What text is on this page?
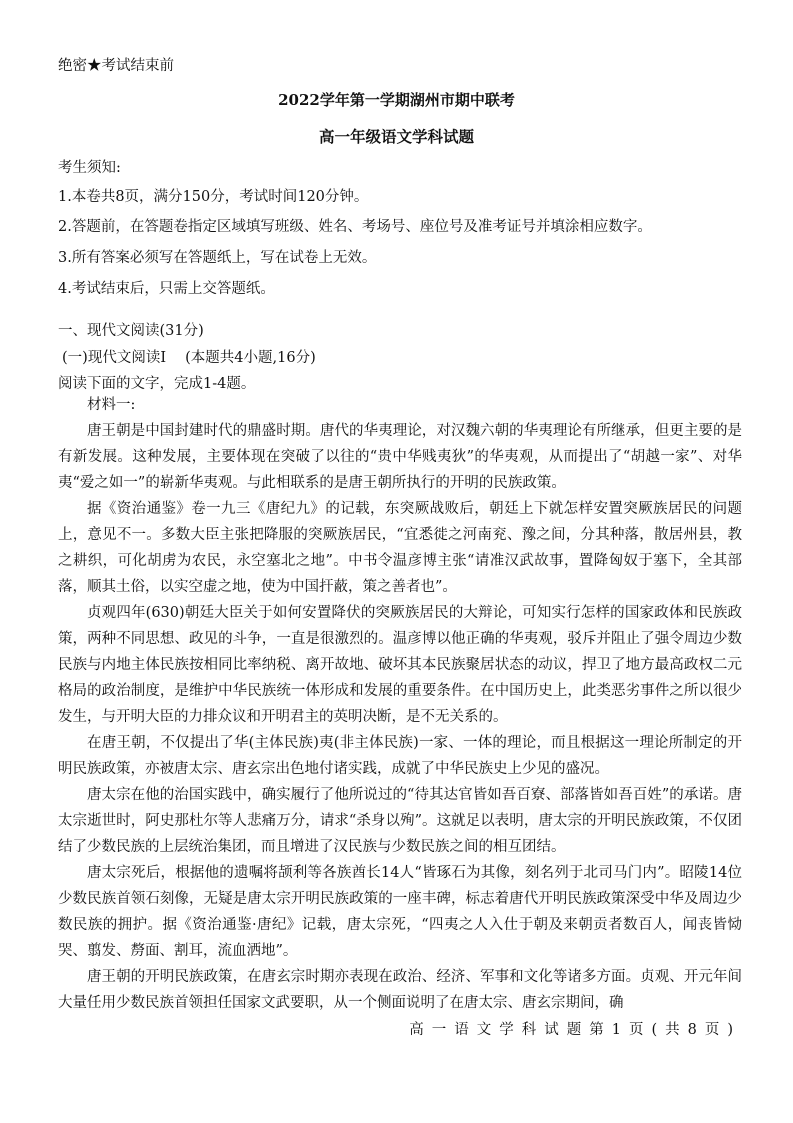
绝密★考试结束前
2022学年第一学期湖州市期中联考
高一年级语文学科试题
考生须知:
1.本卷共8页，满分150分，考试时间120分钟。
2.答题前，在答题卷指定区域填写班级、姓名、考场号、座位号及准考证号并填涂相应数字。
3.所有答案必须写在答题纸上，写在试卷上无效。
4.考试结束后，只需上交答题纸。
一、现代文阅读(31分)
(一)现代文阅读Ⅰ　 (本题共4小题,16分)
阅读下面的文字，完成1-4题。

材料一:

唐王朝是中国封建时代的鼎盛时期。唐代的华夷理论，对汉魏六朝的华夷理论有所继承，但更主要的是有新发展。这种发展，主要体现在突破了以往的“贵中华贱夷狄”的华夷观，从而提出了“胡越一家”、对华夷“爱之如一”的崭新华夷观。与此相联系的是唐王朝所执行的开明的民族政策。

据《资治通鉴》卷一九三《唐纪九》的记载，东突厥战败后，朝廷上下就怎样安置突厥族居民的问题上，意见不一。多数大臣主张把降服的突厥族居民，“宜悉徙之河南兖、豫之间，分其种落，散居州县，教之耕织，可化胡虏为农民，永空塞北之地”。中书令温彦博主张“请准汉武故事，置降匈奴于塞下，全其部落，顺其土俗，以实空虚之地，使为中国扞蔽，策之善者也”。

贞观四年(630)朝廷大臣关于如何安置降伏的突厥族居民的大辩论，可知实行怎样的国家政体和民族政策，两种不同思想、政见的斗争，一直是很激烈的。温彦博以他正确的华夷观，驳斥并阻止了强令周边少数民族与内地主体民族按相同比率纳税、离开故地、破坏其本民族聚居状态的动议，捍卫了地方最高政权二元格局的政治制度，是维护中华民族统一体形成和发展的重要条件。在中国历史上，此类恶劣事件之所以很少发生，与开明大臣的力排众议和开明君主的英明决断，是不无关系的。

在唐王朝，不仅提出了华(主体民族)夷(非主体民族)一家、一体的理论，而且根据这一理论所制定的开明民族政策，亦被唐太宗、唐玄宗出色地付诸实践，成就了中华民族史上少见的盛况。

唐太宗在他的治国实践中，确实履行了他所说过的“待其达官皆如吾百寮、部落皆如吾百姓”的承诺。唐太宗逝世时，阿史那杜尔等人悲痛万分，请求“杀身以殉”。这就足以表明，唐太宗的开明民族政策，不仅团结了少数民族的上层统治集团，而且增进了汉民族与少数民族之间的相互团结。

唐太宗死后，根据他的遗嘱将颉利等各族酋长14人“皆琢石为其像，刻名列于北司马门内”。昭陵14位少数民族首领石刻像，无疑是唐太宗开明民族政策的一座丰碑，标志着唐代开明民族政策深受中华及周边少数民族的拥护。据《资治通鉴·唐纪》记载，唐太宗死，“四夷之人入仕于朝及来朝贡者数百人，闻丧皆恸哭、翦发、剺面、割耳，流血洒地”。

唐王朝的开明民族政策，在唐玄宗时期亦表现在政治、经济、军事和文化等诸多方面。贞观、开元年间大量任用少数民族首领担任国家文武要职，从一个侧面说明了在唐太宗、唐玄宗期间，确

高一语文学科试题第1页(共8页)
